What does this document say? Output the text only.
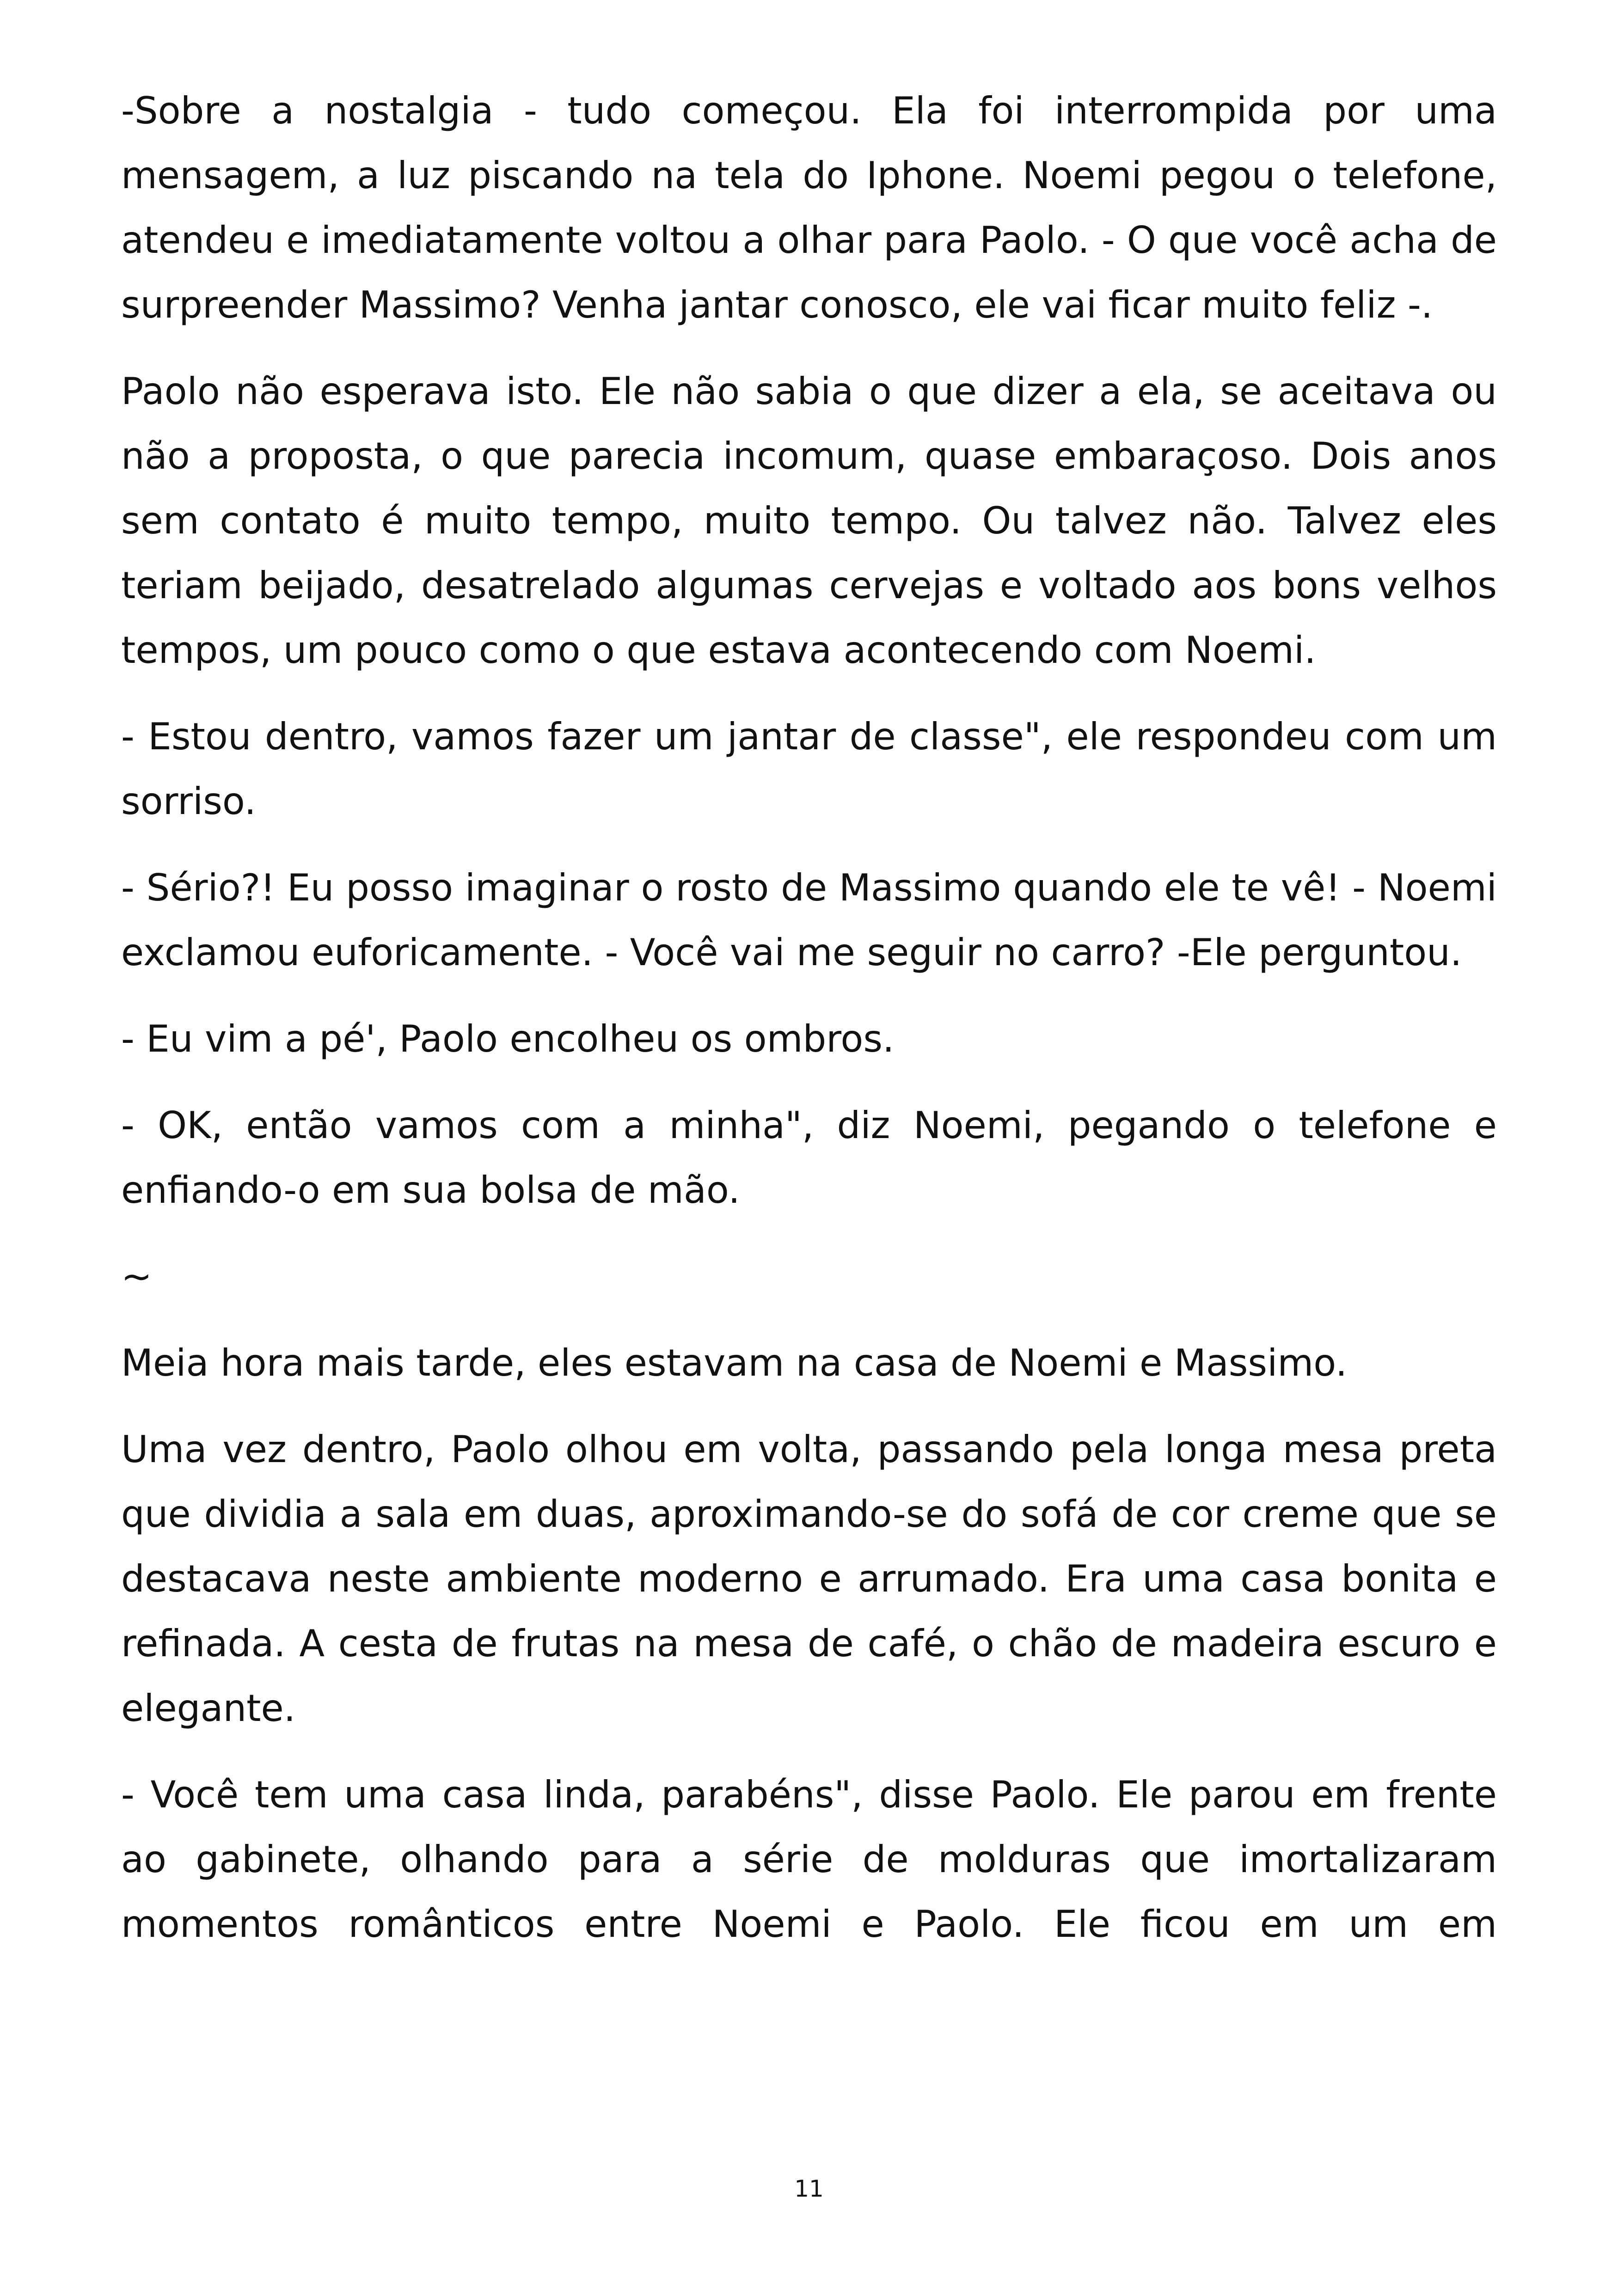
-Sobre a nostalgia - tudo começou. Ela foi interrompida por uma mensagem, a luz piscando na tela do Iphone. Noemi pegou o telefone, atendeu e imediatamente voltou a olhar para Paolo. - O que você acha de surpreender Massimo? Venha jantar conosco, ele vai ficar muito feliz -.

Paolo não esperava isto. Ele não sabia o que dizer a ela, se aceitava ou não a proposta, o que parecia incomum, quase embaraçoso. Dois anos sem contato é muito tempo, muito tempo. Ou talvez não. Talvez eles teriam beijado, desatrelado algumas cervejas e voltado aos bons velhos tempos, um pouco como o que estava acontecendo com Noemi.

- Estou dentro, vamos fazer um jantar de classe", ele respondeu com um sorriso.

- Sério?! Eu posso imaginar o rosto de Massimo quando ele te vê! - Noemi exclamou euforicamente. - Você vai me seguir no carro? -Ele perguntou.

- Eu vim a pé', Paolo encolheu os ombros.

- OK, então vamos com a minha", diz Noemi, pegando o telefone e enfiando-o em sua bolsa de mão.

~

Meia hora mais tarde, eles estavam na casa de Noemi e Massimo.

Uma vez dentro, Paolo olhou em volta, passando pela longa mesa preta que dividia a sala em duas, aproximando-se do sofá de cor creme que se destacava neste ambiente moderno e arrumado. Era uma casa bonita e refinada. A cesta de frutas na mesa de café, o chão de madeira escuro e elegante.

- Você tem uma casa linda, parabéns", disse Paolo. Ele parou em frente ao gabinete, olhando para a série de molduras que imortalizaram momentos românticos entre Noemi e Paolo. Ele ficou em um em

11
